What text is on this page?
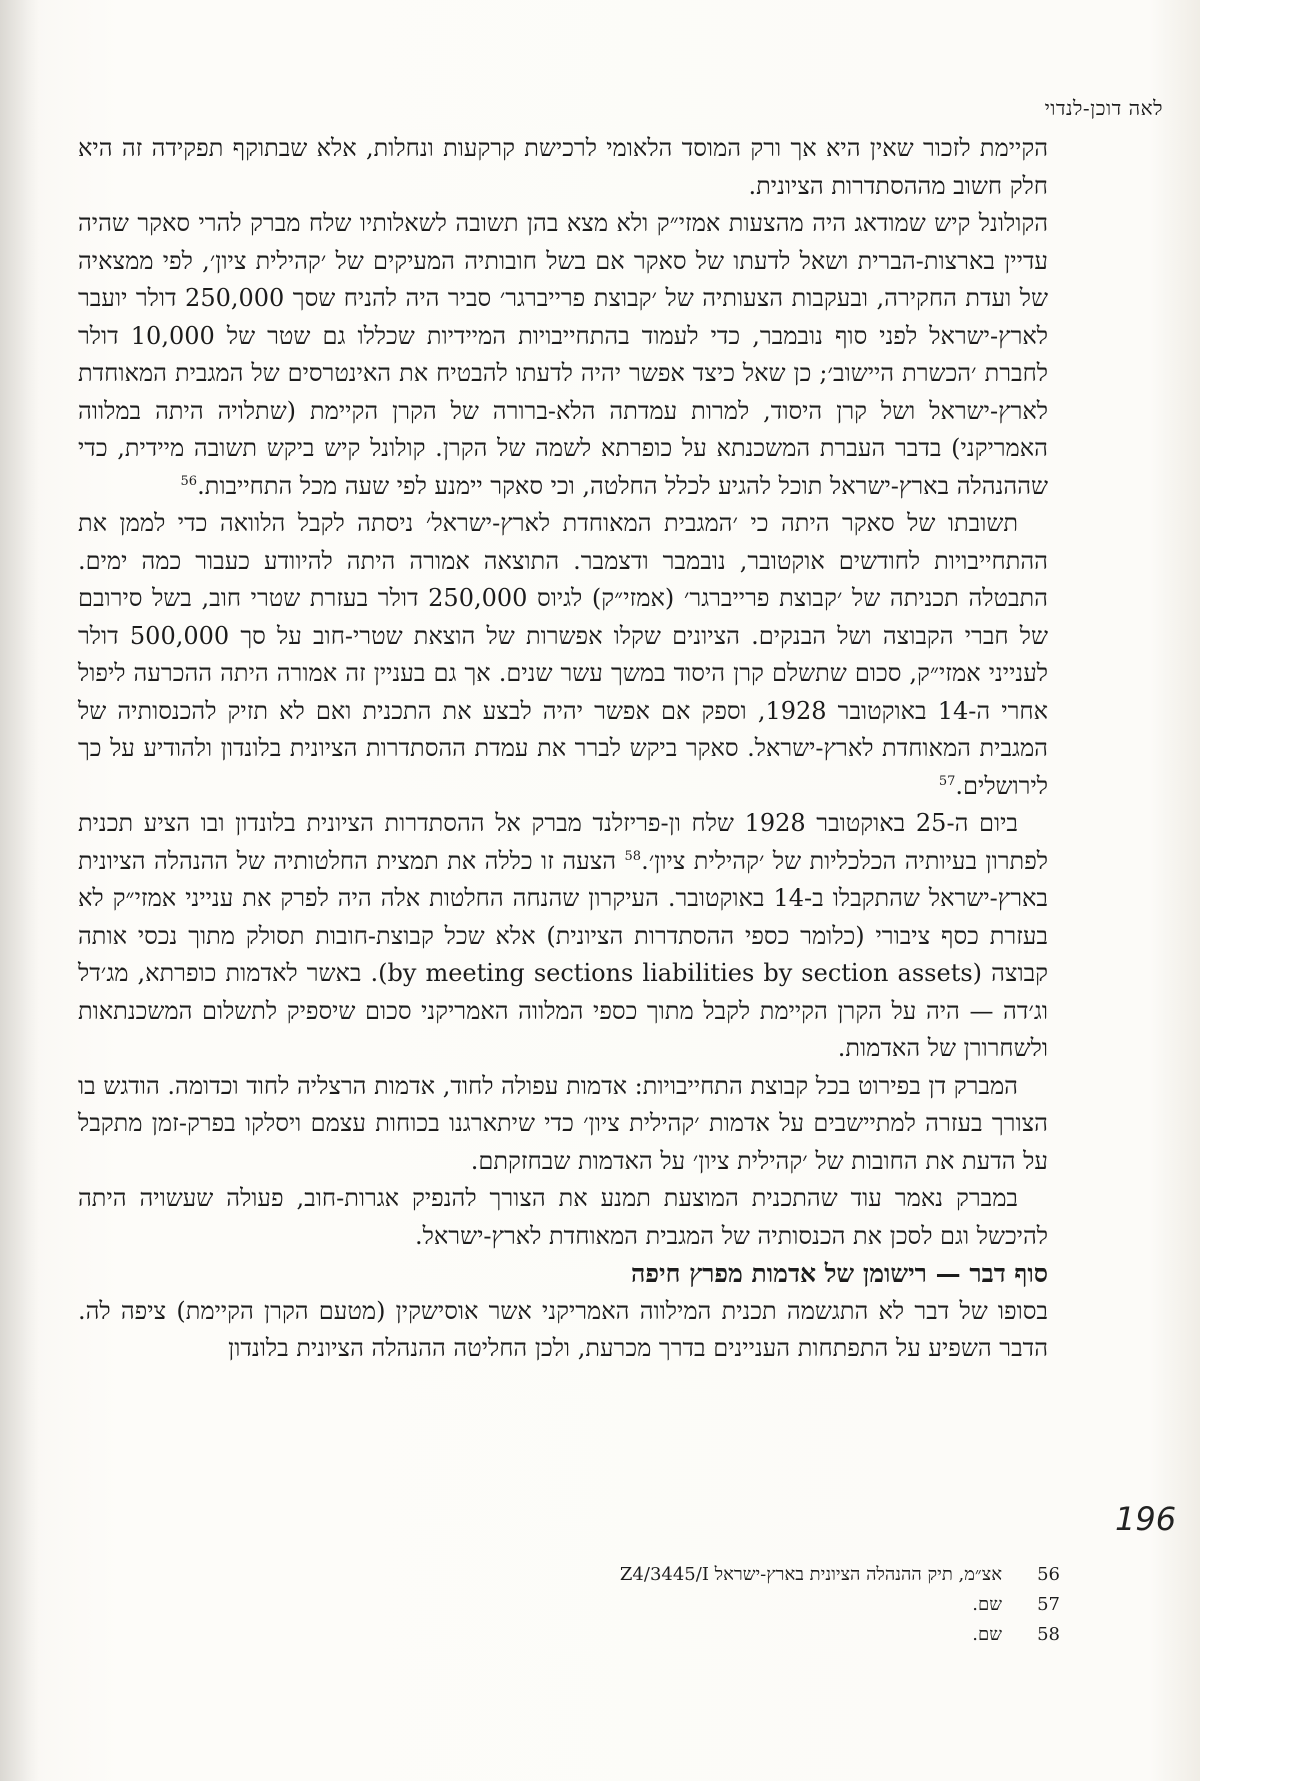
לאה דוכן-לנדוי

הקיימת לזכור שאין היא אך ורק המוסד הלאומי לרכישת קרקעות ונחלות, אלא שבתוקף תפקידה זה היא חלק חשוב מההסתדרות הציונית.

הקולונל קיש שמודאג היה מהצעות אמזי״ק ולא מצא בהן תשובה לשאלותיו שלח מברק להרי סאקר שהיה עדיין בארצות-הברית ושאל לדעתו של סאקר אם בשל חובותיה המעיקים של ׳קהילית ציון׳, לפי ממצאיה של ועדת החקירה, ובעקבות הצעותיה של ׳קבוצת פרייברגר׳ סביר היה להניח שסך 250,000 דולר יועבר לארץ-ישראל לפני סוף נובמבר, כדי לעמוד בהתחייבויות המיידיות שכללו גם שטר של 10,000 דולר לחברת ׳הכשרת היישוב׳; כן שאל כיצד אפשר יהיה לדעתו להבטיח את האינטרסים של המגבית המאוחדת לארץ-ישראל ושל קרן היסוד, למרות עמדתה הלא-ברורה של הקרן הקיימת (שתלויה היתה במלווה האמריקני) בדבר העברת המשכנתא על כופרתא לשמה של הקרן. קולונל קיש ביקש תשובה מיידית, כדי שההנהלה בארץ-ישראל תוכל להגיע לכלל החלטה, וכי סאקר יימנע לפי שעה מכל התחייבות.$^{56}$

תשובתו של סאקר היתה כי ׳המגבית המאוחדת לארץ-ישראל׳ ניסתה לקבל הלוואה כדי לממן את ההתחייבויות לחודשים אוקטובר, נובמבר ודצמבר. התוצאה אמורה היתה להיוודע כעבור כמה ימים. התבטלה תכניתה של ׳קבוצת פרייברגר׳ (אמזי״ק) לגיוס 250,000 דולר בעזרת שטרי חוב, בשל סירובם של חברי הקבוצה ושל הבנקים. הציונים שקלו אפשרות של הוצאת שטרי-חוב על סך 500,000 דולר לענייני אמזי״ק, סכום שתשלם קרן היסוד במשך עשר שנים. אך גם בעניין זה אמורה היתה ההכרעה ליפול אחרי ה-14 באוקטובר 1928, וספק אם אפשר יהיה לבצע את התכנית ואם לא תזיק להכנסותיה של המגבית המאוחדת לארץ-ישראל. סאקר ביקש לברר את עמדת ההסתדרות הציונית בלונדון ולהודיע על כך לירושלים.$^{57}$

ביום ה-25 באוקטובר 1928 שלח ון-פריזלנד מברק אל ההסתדרות הציונית בלונדון ובו הציע תכנית לפתרון בעיותיה הכלכליות של ׳קהילית ציון׳.$^{58}$ הצעה זו כללה את תמצית החלטותיה של ההנהלה הציונית בארץ-ישראל שהתקבלו ב-14 באוקטובר. העיקרון שהנחה החלטות אלה היה לפרק את ענייני אמזי״ק לא בעזרת כסף ציבורי (כלומר כספי ההסתדרות הציונית) אלא שכל קבוצת-חובות תסולק מתוך נכסי אותה קבוצה (by meeting sections liabilities by section assets). באשר לאדמות כופרתא, מג׳דל וג׳דה — היה על הקרן הקיימת לקבל מתוך כספי המלווה האמריקני סכום שיספיק לתשלום המשכנתאות ולשחרורן של האדמות.

המברק דן בפירוט בכל קבוצת התחייבויות: אדמות עפולה לחוד, אדמות הרצליה לחוד וכדומה. הודגש בו הצורך בעזרה למתיישבים על אדמות ׳קהילית ציון׳ כדי שיתארגנו בכוחות עצמם ויסלקו בפרק-זמן מתקבל על הדעת את החובות של ׳קהילית ציון׳ על האדמות שבחזקתם.

במברק נאמר עוד שהתכנית המוצעת תמנע את הצורך להנפיק אגרות-חוב, פעולה שעשויה היתה להיכשל וגם לסכן את הכנסותיה של המגבית המאוחדת לארץ-ישראל.

סוף דבר — רישומן של אדמות מפרץ חיפה

בסופו של דבר לא התגשמה תכנית המילווה האמריקני אשר אוסישקין (מטעם הקרן הקיימת) ציפה לה. הדבר השפיע על התפתחות העניינים בדרך מכרעת, ולכן החליטה ההנהלה הציונית בלונדון

196
56
אצ״מ, תיק ההנהלה הציונית בארץ-ישראל Z4/3445/I
57
שם.
58
שם.
